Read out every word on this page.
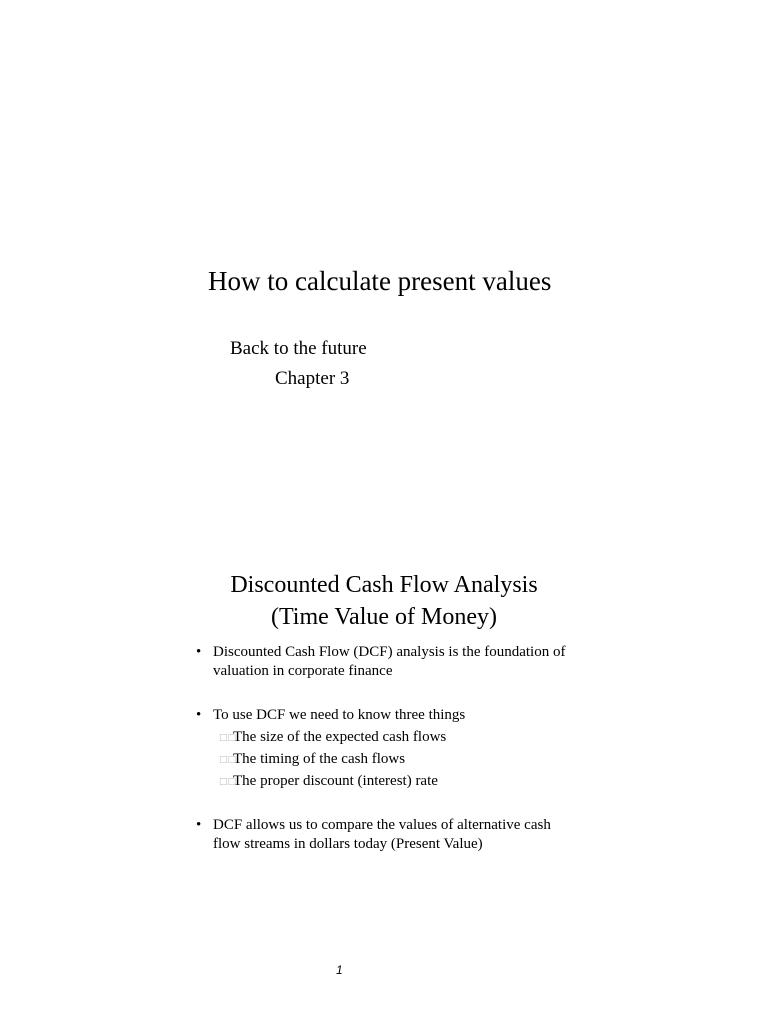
How to calculate present values
Back to the future
Chapter 3
Discounted Cash Flow Analysis
(Time Value of Money)
• Discounted Cash Flow (DCF) analysis is the foundation of
valuation in corporate finance
• To use DCF we need to know three things
□□
The size of the expected cash flows
□□
The timing of the cash flows
□□
The proper discount (interest) rate
• DCF allows us to compare the values of alternative cash
flow streams in dollars today (Present Value)
1
